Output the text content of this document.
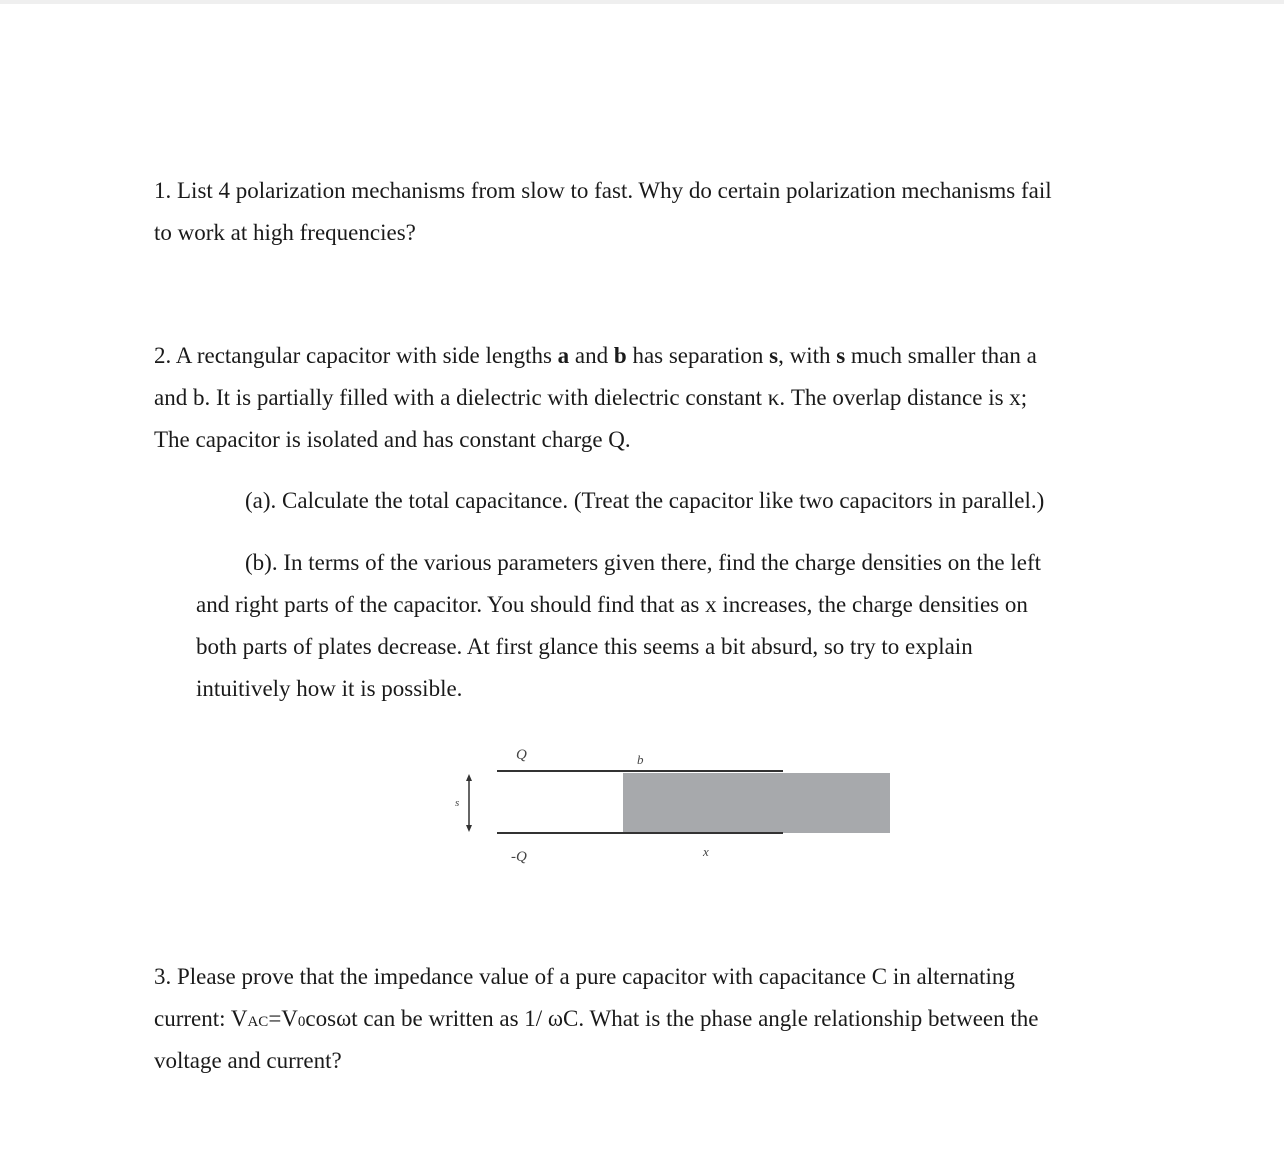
1. List 4 polarization mechanisms from slow to fast. Why do certain polarization mechanisms fail
to work at high frequencies?
2. A rectangular capacitor with side lengths a and b has separation s, with s much smaller than a
and b. It is partially filled with a dielectric with dielectric constant κ. The overlap distance is x;
The capacitor is isolated and has constant charge Q.
(a). Calculate the total capacitance. (Treat the capacitor like two capacitors in parallel.)
(b). In terms of the various parameters given there, find the charge densities on the left
and right parts of the capacitor. You should find that as x increases, the charge densities on
both parts of plates decrease. At first glance this seems a bit absurd, so try to explain
intuitively how it is possible.
Q
-Q
b
s
x
3. Please prove that the impedance value of a pure capacitor with capacitance C in alternating
current: VAC=V0cosωt can be written as 1/ ωC. What is the phase angle relationship between the
voltage and current?
